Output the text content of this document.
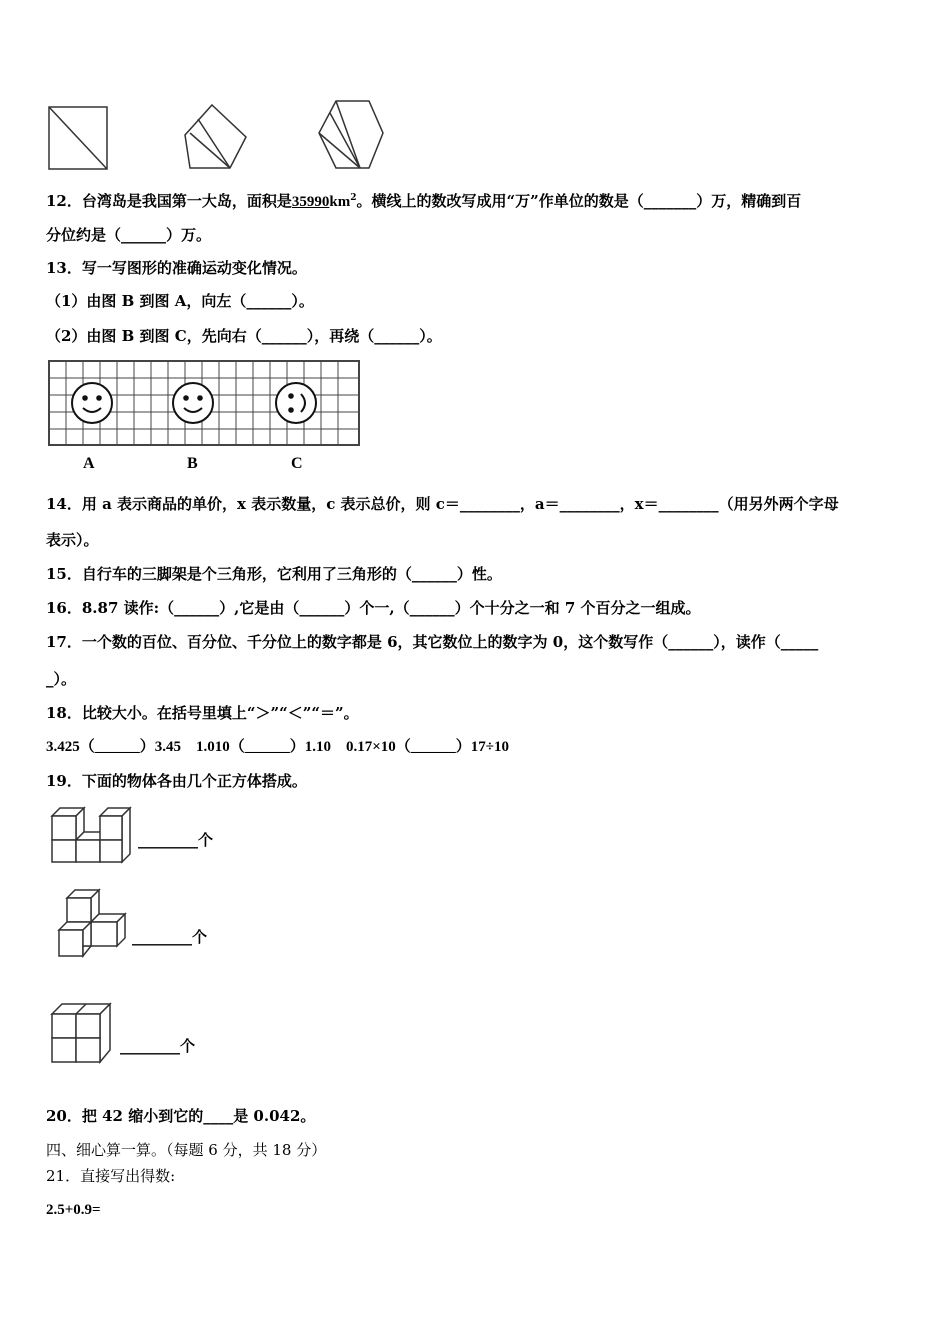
12．台湾岛是我国第一大岛，面积是$35990km^2$。横线上的数改写成用“万”作单位的数是（_______）万，精确到百
分位约是（______）万。
13．写一写图形的准确运动变化情况。
（1）由图 B 到图 A，向左（______）。
（2）由图 B 到图 C，先向右（______），再绕（______）。
A	B	C
14．用 a 表示商品的单价，x 表示数量，c 表示总价，则 c＝________，a＝________，x＝________（用另外两个字母
表示）。
15．自行车的三脚架是个三角形，它利用了三角形的（______）性。
16．8.87 读作:（______）,它是由（______）个一,（______）个十分之一和 7 个百分之一组成。
17．一个数的百位、百分位、千分位上的数字都是 6，其它数位上的数字为 0，这个数写作（______），读作（_____
_）。
18．比较大小。在括号里填上“＞”“＜”“＝”。
3.425（______）3.45　1.010（______）1.10　0.17×10（______）17÷10
19．下面的物体各由几个正方体搭成。
________个
________个
________个
20．把 42 缩小到它的____是 0.042。
四、细心算一算。（每题 6 分，共 18 分）
21．直接写出得数:
2.5+0.9=
